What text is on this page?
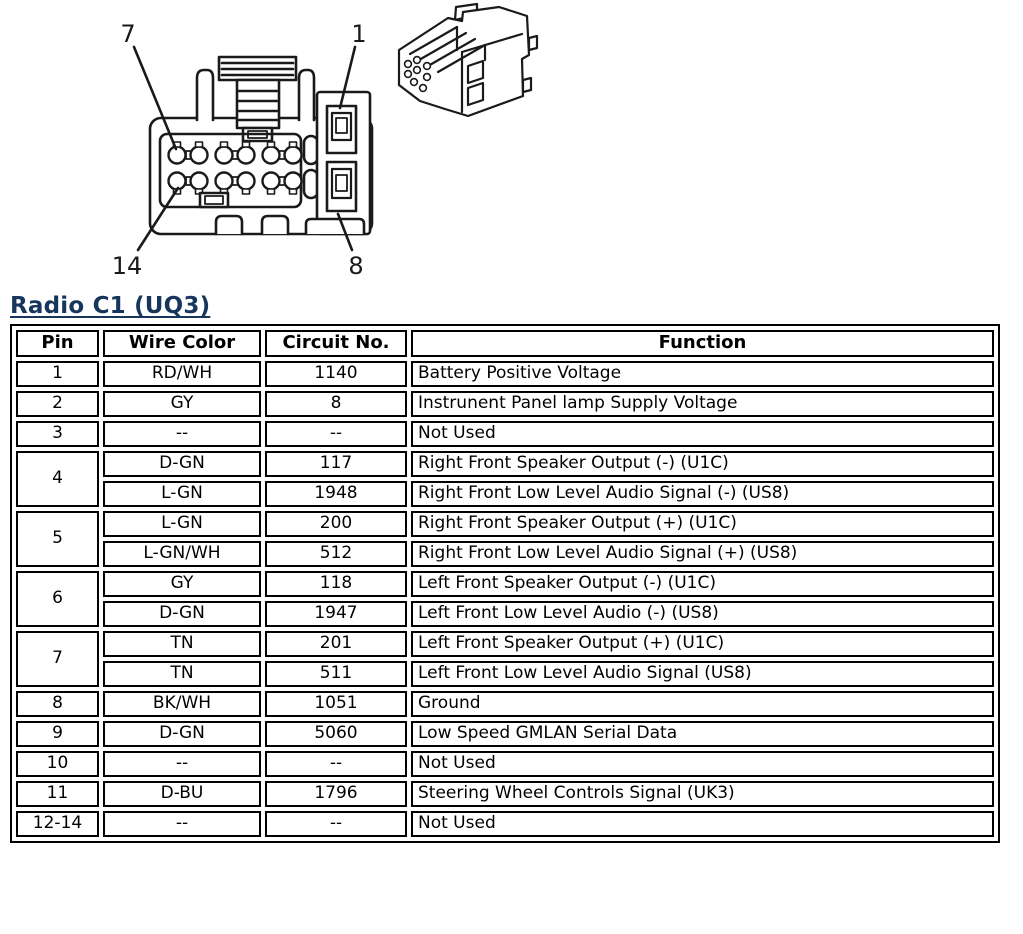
7	1
14	8
Radio C1 (UQ3)
Pin	Wire Color	Circuit No.	Function
1	RD/WH	1140	Battery Positive Voltage
2	GY	8	Instrunent Panel lamp Supply Voltage
3	--	--	Not Used
4	D-GN	117	Right Front Speaker Output (-) (U1C)
	L-GN	1948	Right Front Low Level Audio Signal (-) (US8)
5	L-GN	200	Right Front Speaker Output (+) (U1C)
	L-GN/WH	512	Right Front Low Level Audio Signal (+) (US8)
6	GY	118	Left Front Speaker Output (-) (U1C)
	D-GN	1947	Left Front Low Level Audio (-) (US8)
7	TN	201	Left Front Speaker Output (+) (U1C)
	TN	511	Left Front Low Level Audio Signal (US8)
8	BK/WH	1051	Ground
9	D-GN	5060	Low Speed GMLAN Serial Data
10	--	--	Not Used
11	D-BU	1796	Steering Wheel Controls Signal (UK3)
12-14	--	--	Not Used
